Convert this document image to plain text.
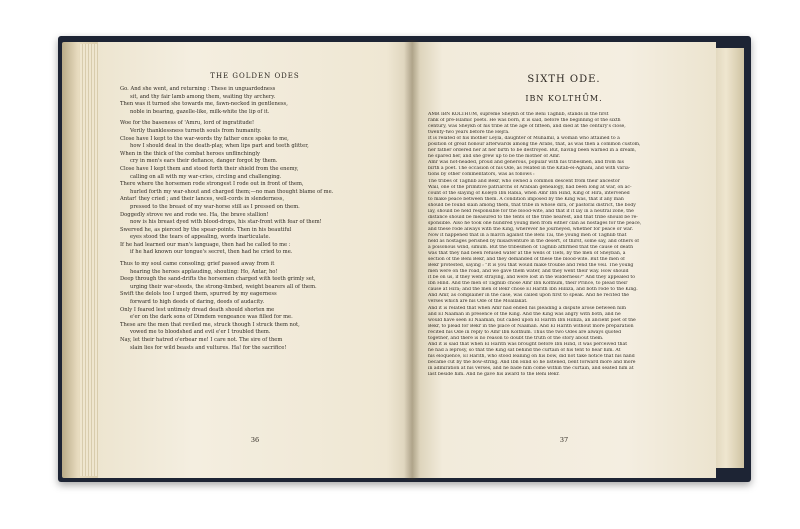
THE GOLDEN ODES
Go. And she went, and returning : These in unguardedness
sit, and thy fair lamb among them, waiting thy archery.
Then was it turned she towards me, fawn-necked in gentleness,
noble in bearing, gazelle-like, milk-white the lip of it.
Woe for the baseness of 'Amru, lord of ingratitude!
Verily thanklessness turneth souls from humanity.
Close have I kept to the war-words thy father once spoke to me,
how I should deal in the death-play, when lips part and teeth glitter,
When in the thick of the combat heroes unflinchingly
cry in men's ears their defiance, danger forgot by them.
Close have I kept them and stood forth their shield from the enemy,
calling on all with my war-cries, circling and challenging.
There where the horsemen rode strongest I rode out in front of them,
hurled forth my war-shout and charged them;—no man thought blame of me.
Antar! they cried ; and their lances, well-cords in slenderness,
pressed to the breast of my war-horse still as I pressed on them.
Doggedly strove we and rode we. Ha, the brave stallion!
now is his breast dyed with blood-drops, his star-front with fear of them!
Swerved he, as pierced by the spear-points. Then in his beautiful
eyes stood the tears of appealing, words inarticulate.
If he had learned our man's language, then had he called to me :
if he had known our tongue's secret, then had he cried to me.
Thus to my soul came consoling; grief passed away from it
hearing the heroes applauding, shouting: Ho, Antar, ho!
Deep through the sand-drifts the horsemen charged with teeth grimly set,
urging their war-steeds, the strong-limbed, weight bearers all of them.
Swift the delols too I urged them, spurred by my eagerness
forward to high deeds of daring, deeds of audacity.
Only I feared lest untimely dread death should shorten me
e'er on the dark sons of Dimdem vengeance was filled for me.
These are the men that reviled me, struck though I struck them not,
vowed me to bloodshed and evil e'er I troubled them.
Nay, let their hatred o'erbear me! I care not. The sire of them
slain lies for wild beasts and vultures. Ha! for the sacrifice!
36
SIXTH ODE.
IBN KOLTHÛM.
AMR IBN KOLTHÛM, supreme Sheykh of the Béni Tâghlib, stands in the first
rank of pre-Islamic poets. He was born, it is said, before the beginning of the sixth
century, was Sheykh of his tribe at the age of fifteen, and died at the century's close,
twenty-two years before the Hejra.
It is related of his mother Léyla, daughter of Muhálhil, a woman who attained to a
position of great honour afterwards among the Arabs, that, as was then a common custom,
her father ordered her at her birth to be destroyed. But, having been warned in a dream,
he spared her, and she grew up to be the mother of Amr.
Amr was hot-headed, proud and generous, popular with his tribesmen, and from his
birth a poet. The occasion of his Ode, as related in the Kitâb-el-Aghâni, and with varia-
tions by other commentators, was as follows :
The tribes of Tâghlib and Bekr, who owned a common descent from their ancestor
Wail, one of the primitive patriarchs of Arabian genealogy, had been long at war, on ac-
count of the slaying of Koléyb Ibn Rabia, when Amr Ibn Hind, King of Hira, intervened
to make peace between them. A condition imposed by the King was, that if any man
should be found slain among them, that tribe in whose dira, or pastoral district, the body
lay, should be held responsible for the blood-wite, and that if it lay in a neutral zone, the
distance should be measured to the tents of the tribe nearest, and that tribe should be re-
sponsible. Also he took one hundred young men from either clan as hostages for the peace,
and these rode always with the King, wherever he journeyed, whether for peace or war.
Now it happened that in a march against the Béni Tâï, the young men of Tâghlib that
held as hostages perished by misadventure in the desert, of thirst, some say, and others of
a poisonous wind, simûm. But the tribesmen of Tâghlib affirmed that the cause of death
was that they had been refused water at the wells of Tlefs, by the men of Sheybân, a
section of the Béni Bekr, and they demanded of these the blood-wite. But the men of
Bekr protested, saying : "It is you that would make trouble and rend the veil. The young
men were on the road, and we gave them water, and they went their way. How should
it be on us, if they went straying, and were lost in the wilderness?" And they appealed to
Ibn Hind. And the men of Tâghlib chose Amr Ibn Kolthûm, their Prince, to plead their
cause at Hira; and the men of Bekr chose El Harith Ibn Hilliza, and both rode to the King.
And Amr, as complainer in the case, was called upon first to speak. And he recited the
verses which are his Ode of the Moallakât.
And it is related that when Amr had ended his pleading a dispute arose between him
and El Nâamân in presence of the King. And the King was angry with both, and he
would have seen El Nâamân, but called upon El Hârith Ibn Hilliza, an ancient poet of the
Bekr, to plead for Bekr in the place of Nâamân. And El Hârith without more preparation
recited his Ode in reply to Amr Ibn Kolthûm. Thus the two Odes are always quoted
together, and there is no reason to doubt the truth of the story about them.
And it is said that when El Hârith was brought before Ibn Hind, it was perceived that
he had a leprosy, so that the King sat behind the curtain of his tent to hear him. At
his eloquence, El Hârith, who stood leaning on his bow, did not take notice that his hand
became cut by the bow-string. And Ibn Hind so he listened, bent forward more and more
in admiration at his verses, and he bade him come within the curtain, and seated him at
last beside him. And he gave his award to the Béni Bekr.
37
